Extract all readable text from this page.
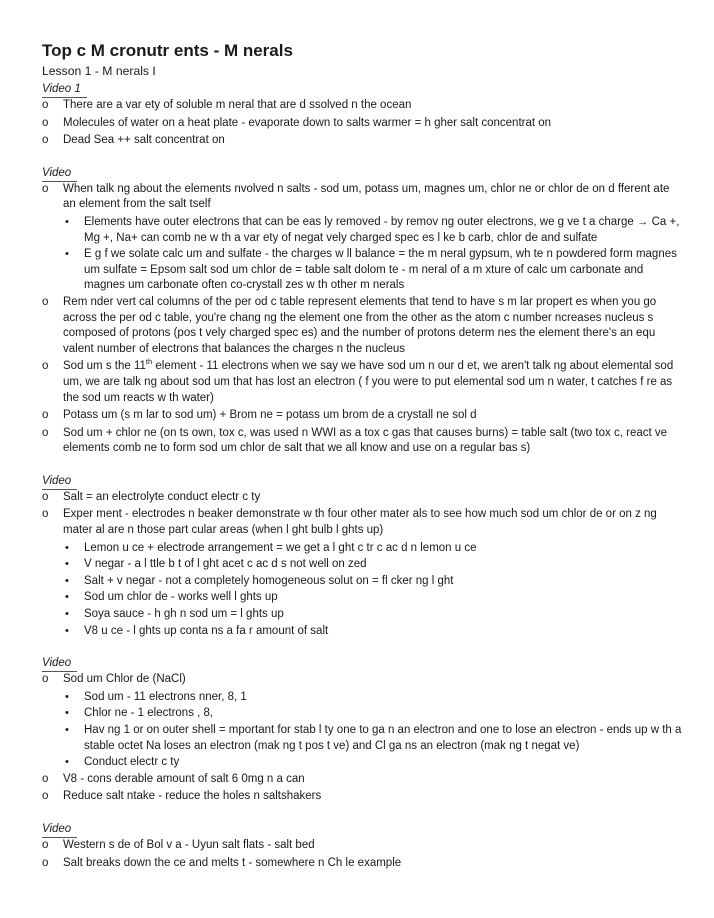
Top c M cronutr ents - M nerals

Lesson 1 - M nerals I

Video 1

o There are a var ety of soluble m neral that are d ssolved n the ocean
o Molecules of water on a heat plate - evaporate down to salts warmer = h gher salt concentrat on
o Dead Sea ++ salt concentrat on

Video

o When talk ng about the elements nvolved n salts - sod um, potass um, magnes um, chlor ne or chlor de on d fferent ate an element from the salt tself
• Elements have outer electrons that can be eas ly removed - by remov ng outer electrons, we g ve t a charge → Ca +, Mg +, Na+ can comb ne w th a var ety of negat vely charged spec es l ke b carb, chlor de and sulfate
• E g f we solate calc um and sulfate - the charges w ll balance = the m neral gypsum, wh te n powdered form magnes um sulfate = Epsom salt sod um chlor de = table salt dolom te - m neral of a m xture of calc um carbonate and magnes um carbonate often co-crystall zes w th other m nerals
o Rem nder vert cal columns of the per od c table represent elements that tend to have s m lar propert es when you go across the per od c table, you're chang ng the element one from the other as the atom c number ncreases nucleus s composed of protons (pos t vely charged spec es) and the number of protons determ nes the element there's an equ valent number of electrons that balances the charges n the nucleus
o Sod um s the 11th element - 11 electrons when we say we have sod um n our d et, we aren't talk ng about elemental sod um, we are talk ng about sod um that has lost an electron ( f you were to put elemental sod um n water, t catches f re as the sod um reacts w th water)
o Potass um (s m lar to sod um) + Brom ne = potass um brom de a crystall ne sol d
o Sod um + chlor ne (on ts own, tox c, was used n WWI as a tox c gas that causes burns) = table salt (two tox c, react ve elements comb ne to form sod um chlor de salt that we all know and use on a regular bas s)

Video

o Salt = an electrolyte conduct electr c ty
o Exper ment - electrodes n beaker demonstrate w th four other mater als to see how much sod um chlor de or on z ng mater al are n those part cular areas (when l ght bulb l ghts up)
• Lemon u ce + electrode arrangement = we get a l ght c tr c ac d n lemon u ce
• V negar - a l ttle b t of l ght acet c ac d s not well on zed
• Salt + v negar - not a completely homogeneous solut on = fl cker ng l ght
• Sod um chlor de - works well l ghts up
• Soya sauce - h gh n sod um = l ghts up
• V8 u ce - l ghts up conta ns a fa r amount of salt

Video

o Sod um Chlor de (NaCl)
• Sod um - 11 electrons nner, 8, 1
• Chlor ne - 1 electrons , 8,
• Hav ng 1 or on outer shell = mportant for stab l ty one to ga n an electron and one to lose an electron - ends up w th a stable octet Na loses an electron (mak ng t pos t ve) and Cl ga ns an electron (mak ng t negat ve)
• Conduct electr c ty
o V8 - cons derable amount of salt 6 0mg n a can
o Reduce salt ntake - reduce the holes n saltshakers

Video

o Western s de of Bol v a - Uyun salt flats - salt bed
o Salt breaks down the ce and melts t - somewhere n Ch le example
